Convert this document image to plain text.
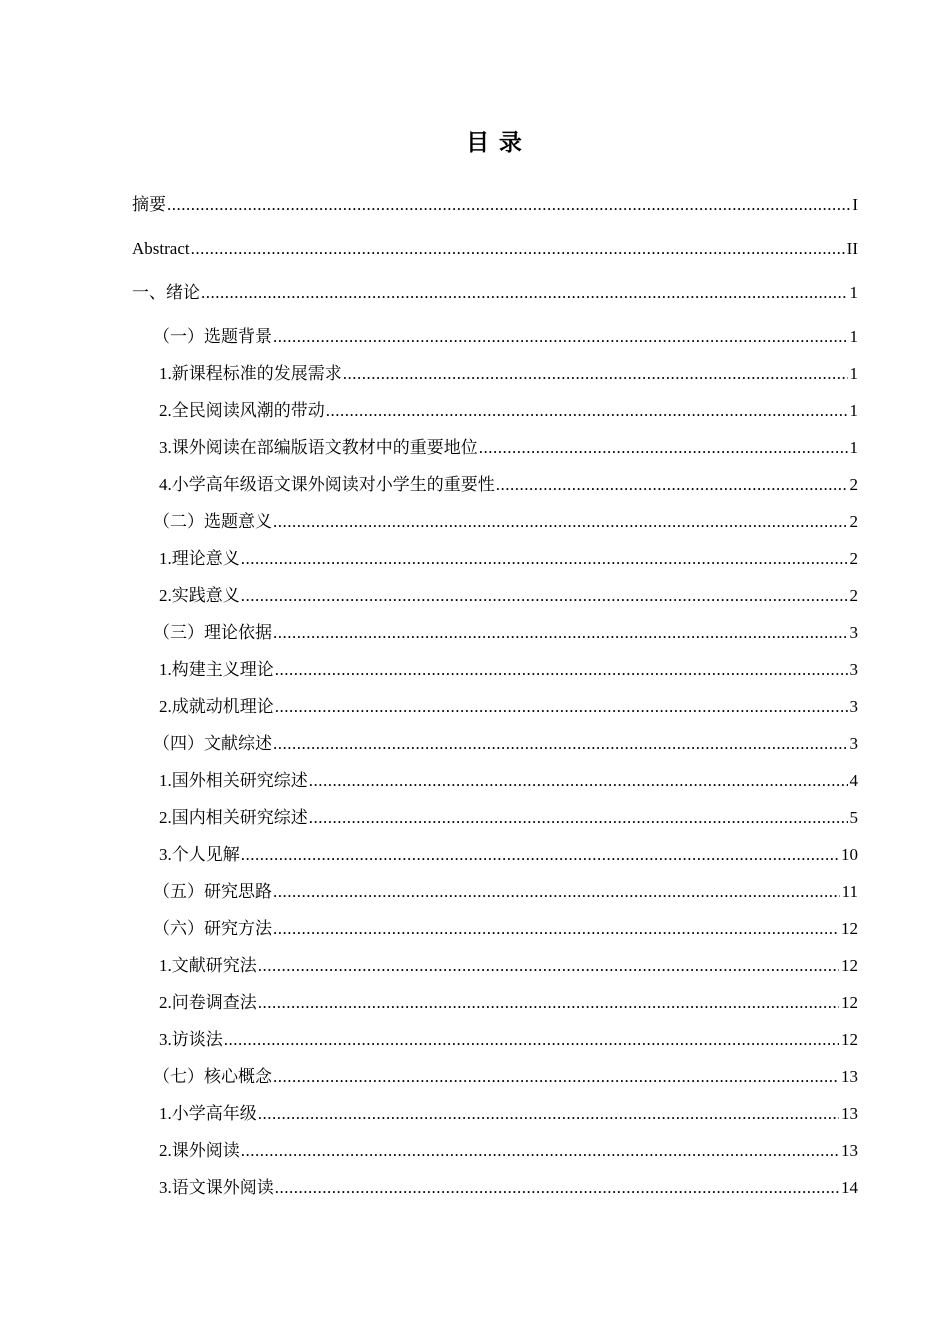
目 录
摘要 .....	I
Abstract .....	II
一、绪论 .....	1
（一）选题背景 .....	1
1.新课程标准的发展需求 .....	1
2.全民阅读风潮的带动 .....	1
3.课外阅读在部编版语文教材中的重要地位 .....	1
4.小学高年级语文课外阅读对小学生的重要性 .....	2
（二）选题意义 .....	2
1.理论意义 .....	2
2.实践意义 .....	2
（三）理论依据 .....	3
1.构建主义理论 .....	3
2.成就动机理论 .....	3
（四）文献综述 .....	3
1.国外相关研究综述 .....	4
2.国内相关研究综述 .....	5
3.个人见解 .....	10
（五）研究思路 .....	11
（六）研究方法 .....	12
1.文献研究法 .....	12
2.问卷调查法 .....	12
3.访谈法 .....	12
（七）核心概念 .....	13
1.小学高年级 .....	13
2.课外阅读 .....	13
3.语文课外阅读 .....	14
